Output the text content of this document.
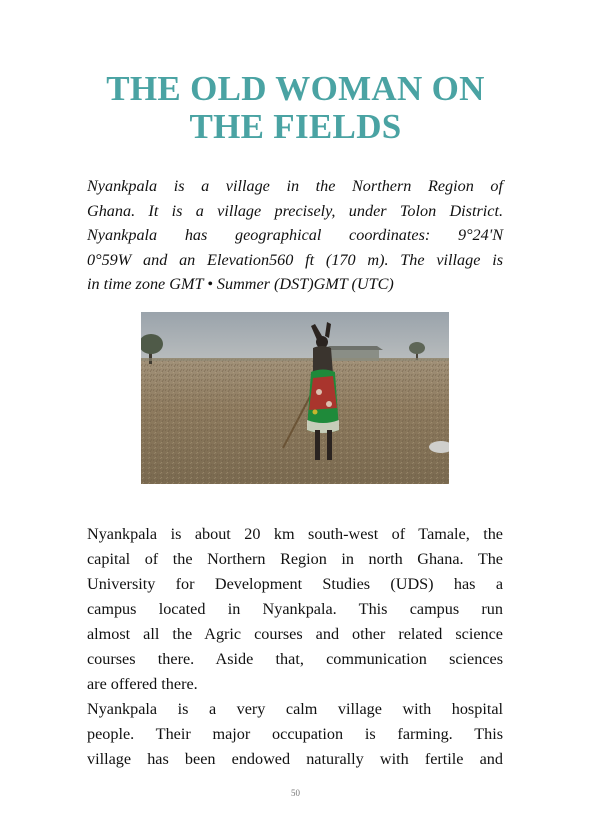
THE OLD WOMAN ON
THE FIELDS

Nyankpala is a village in the Northern Region of
Ghana. It is a village precisely, under Tolon District.
Nyankpala has geographical coordinates: 9°24'N
0°59W and an Elevation560 ft (170 m). The village is
in time zone GMT • Summer (DST)GMT (UTC)

Nyankpala is about 20 km south-west of Tamale, the
capital of the Northern Region in north Ghana. The
University for Development Studies (UDS) has a
campus located in Nyankpala. This campus run
almost all the Agric courses and other related science
courses there. Aside that, communication sciences
are offered there.
Nyankpala is a very calm village with hospital
people. Their major occupation is farming. This
village has been endowed naturally with fertile and

50
